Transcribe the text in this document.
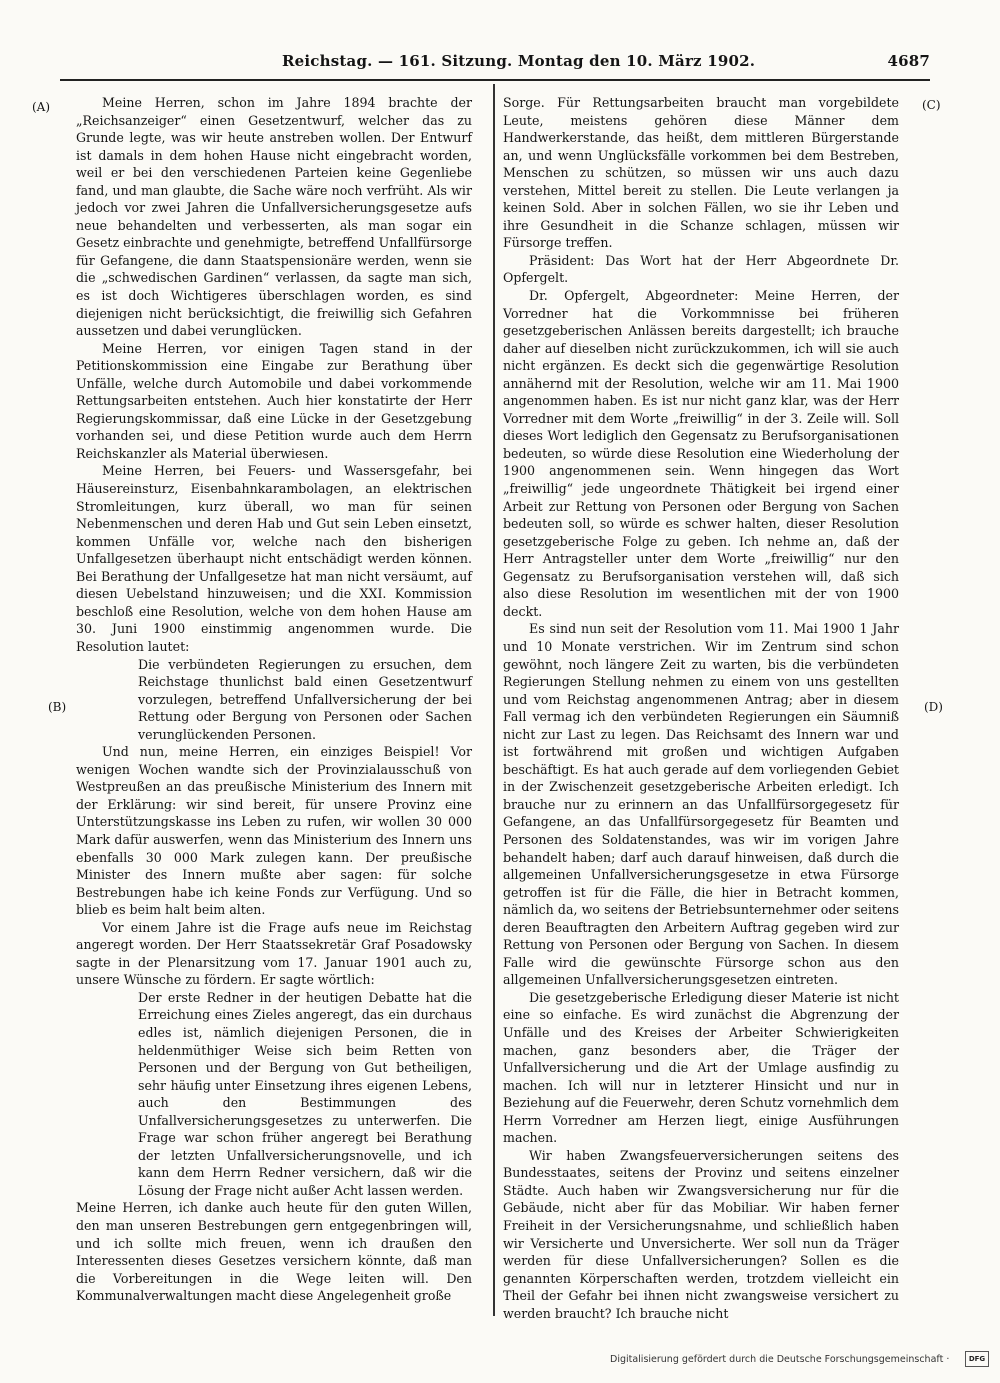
Reichstag. — 161. Sitzung. Montag den 10. März 1902.	4687
(A)
(B)
(C)
(D)

Meine Herren, schon im Jahre 1894 brachte der „Reichsanzeiger“ einen Gesetzentwurf, welcher das zu Grunde legte, was wir heute anstreben wollen. Der Entwurf ist damals in dem hohen Hause nicht eingebracht worden, weil er bei den verschiedenen Parteien keine Gegenliebe fand, und man glaubte, die Sache wäre noch verfrüht. Als wir jedoch vor zwei Jahren die Unfallversicherungsgesetze aufs neue behandelten und verbesserten, als man sogar ein Gesetz einbrachte und genehmigte, betreffend Unfallfürsorge für Gefangene, die dann Staatspensionäre werden, wenn sie die „schwedischen Gardinen“ verlassen, da sagte man sich, es ist doch Wichtigeres überschlagen worden, es sind diejenigen nicht berücksichtigt, die freiwillig sich Gefahren aussetzen und dabei verunglücken.

Meine Herren, vor einigen Tagen stand in der Petitionskommission eine Eingabe zur Berathung über Unfälle, welche durch Automobile und dabei vorkommende Rettungsarbeiten entstehen. Auch hier konstatirte der Herr Regierungskommissar, daß eine Lücke in der Gesetzgebung vorhanden sei, und diese Petition wurde auch dem Herrn Reichskanzler als Material überwiesen.

Meine Herren, bei Feuers- und Wassersgefahr, bei Häusereinsturz, Eisenbahnkarambolagen, an elektrischen Stromleitungen, kurz überall, wo man für seinen Nebenmenschen und deren Hab und Gut sein Leben einsetzt, kommen Unfälle vor, welche nach den bisherigen Unfallgesetzen überhaupt nicht entschädigt werden können. Bei Berathung der Unfallgesetze hat man nicht versäumt, auf diesen Uebelstand hinzuweisen; und die XXI. Kommission beschloß eine Resolution, welche von dem hohen Hause am 30. Juni 1900 einstimmig angenommen wurde. Die Resolution lautet:

Die verbündeten Regierungen zu ersuchen, dem Reichstage thunlichst bald einen Gesetzentwurf vorzulegen, betreffend Unfallversicherung der bei Rettung oder Bergung von Personen oder Sachen verunglückenden Personen.

Und nun, meine Herren, ein einziges Beispiel! Vor wenigen Wochen wandte sich der Provinzialausschuß von Westpreußen an das preußische Ministerium des Innern mit der Erklärung: wir sind bereit, für unsere Provinz eine Unterstützungskasse ins Leben zu rufen, wir wollen 30 000 Mark dafür auswerfen, wenn das Ministerium des Innern uns ebenfalls 30 000 Mark zulegen kann. Der preußische Minister des Innern mußte aber sagen: für solche Bestrebungen habe ich keine Fonds zur Verfügung. Und so blieb es beim halt beim alten.

Vor einem Jahre ist die Frage aufs neue im Reichstag angeregt worden. Der Herr Staatssekretär Graf Posadowsky sagte in der Plenarsitzung vom 17. Januar 1901 auch zu, unsere Wünsche zu fördern. Er sagte wörtlich:

Der erste Redner in der heutigen Debatte hat die Erreichung eines Zieles angeregt, das ein durchaus edles ist, nämlich diejenigen Personen, die in heldenmüthiger Weise sich beim Retten von Personen und der Bergung von Gut betheiligen, sehr häufig unter Einsetzung ihres eigenen Lebens, auch den Bestimmungen des Unfallversicherungsgesetzes zu unterwerfen. Die Frage war schon früher angeregt bei Berathung der letzten Unfallversicherungsnovelle, und ich kann dem Herrn Redner versichern, daß wir die Lösung der Frage nicht außer Acht lassen werden.

Meine Herren, ich danke auch heute für den guten Willen, den man unseren Bestrebungen gern entgegenbringen will, und ich sollte mich freuen, wenn ich draußen den Interessenten dieses Gesetzes versichern könnte, daß man die Vorbereitungen in die Wege leiten will. Den Kommunalverwaltungen macht diese Angelegenheit große

Sorge. Für Rettungsarbeiten braucht man vorgebildete Leute, meistens gehören diese Männer dem Handwerkerstande, das heißt, dem mittleren Bürgerstande an, und wenn Unglücksfälle vorkommen bei dem Bestreben, Menschen zu schützen, so müssen wir uns auch dazu verstehen, Mittel bereit zu stellen. Die Leute verlangen ja keinen Sold. Aber in solchen Fällen, wo sie ihr Leben und ihre Gesundheit in die Schanze schlagen, müssen wir Fürsorge treffen.

Präsident: Das Wort hat der Herr Abgeordnete Dr. Opfergelt.

Dr. Opfergelt, Abgeordneter: Meine Herren, der Vorredner hat die Vorkommnisse bei früheren gesetzgeberischen Anlässen bereits dargestellt; ich brauche daher auf dieselben nicht zurückzukommen, ich will sie auch nicht ergänzen. Es deckt sich die gegenwärtige Resolution annähernd mit der Resolution, welche wir am 11. Mai 1900 angenommen haben. Es ist nur nicht ganz klar, was der Herr Vorredner mit dem Worte „freiwillig“ in der 3. Zeile will. Soll dieses Wort lediglich den Gegensatz zu Berufsorganisationen bedeuten, so würde diese Resolution eine Wiederholung der 1900 angenommenen sein. Wenn hingegen das Wort „freiwillig“ jede ungeordnete Thätigkeit bei irgend einer Arbeit zur Rettung von Personen oder Bergung von Sachen bedeuten soll, so würde es schwer halten, dieser Resolution gesetzgeberische Folge zu geben. Ich nehme an, daß der Herr Antragsteller unter dem Worte „freiwillig“ nur den Gegensatz zu Berufsorganisation verstehen will, daß sich also diese Resolution im wesentlichen mit der von 1900 deckt.

Es sind nun seit der Resolution vom 11. Mai 1900 1 Jahr und 10 Monate verstrichen. Wir im Zentrum sind schon gewöhnt, noch längere Zeit zu warten, bis die verbündeten Regierungen Stellung nehmen zu einem von uns gestellten und vom Reichstag angenommenen Antrag; aber in diesem Fall vermag ich den verbündeten Regierungen ein Säumniß nicht zur Last zu legen. Das Reichsamt des Innern war und ist fortwährend mit großen und wichtigen Aufgaben beschäftigt. Es hat auch gerade auf dem vorliegenden Gebiet in der Zwischenzeit gesetzgeberische Arbeiten erledigt. Ich brauche nur zu erinnern an das Unfallfürsorgegesetz für Gefangene, an das Unfallfürsorgegesetz für Beamten und Personen des Soldatenstandes, was wir im vorigen Jahre behandelt haben; darf auch darauf hinweisen, daß durch die allgemeinen Unfallversicherungsgesetze in etwa Fürsorge getroffen ist für die Fälle, die hier in Betracht kommen, nämlich da, wo seitens der Betriebsunternehmer oder seitens deren Beauftragten den Arbeitern Auftrag gegeben wird zur Rettung von Personen oder Bergung von Sachen. In diesem Falle wird die gewünschte Fürsorge schon aus den allgemeinen Unfallversicherungsgesetzen eintreten.

Die gesetzgeberische Erledigung dieser Materie ist nicht eine so einfache. Es wird zunächst die Abgrenzung der Unfälle und des Kreises der Arbeiter Schwierigkeiten machen, ganz besonders aber, die Träger der Unfallversicherung und die Art der Umlage ausfindig zu machen. Ich will nur in letzterer Hinsicht und nur in Beziehung auf die Feuerwehr, deren Schutz vornehmlich dem Herrn Vorredner am Herzen liegt, einige Ausführungen machen.

Wir haben Zwangsfeuerversicherungen seitens des Bundesstaates, seitens der Provinz und seitens einzelner Städte. Auch haben wir Zwangsversicherung nur für die Gebäude, nicht aber für das Mobiliar. Wir haben ferner Freiheit in der Versicherungsnahme, und schließlich haben wir Versicherte und Unversicherte. Wer soll nun da Träger werden für diese Unfallversicherungen? Sollen es die genannten Körperschaften werden, trotzdem vielleicht ein Theil der Gefahr bei ihnen nicht zwangsweise versichert zu werden braucht? Ich brauche nicht

Digitalisierung gefördert durch die Deutsche Forschungsgemeinschaft ·	DFG
